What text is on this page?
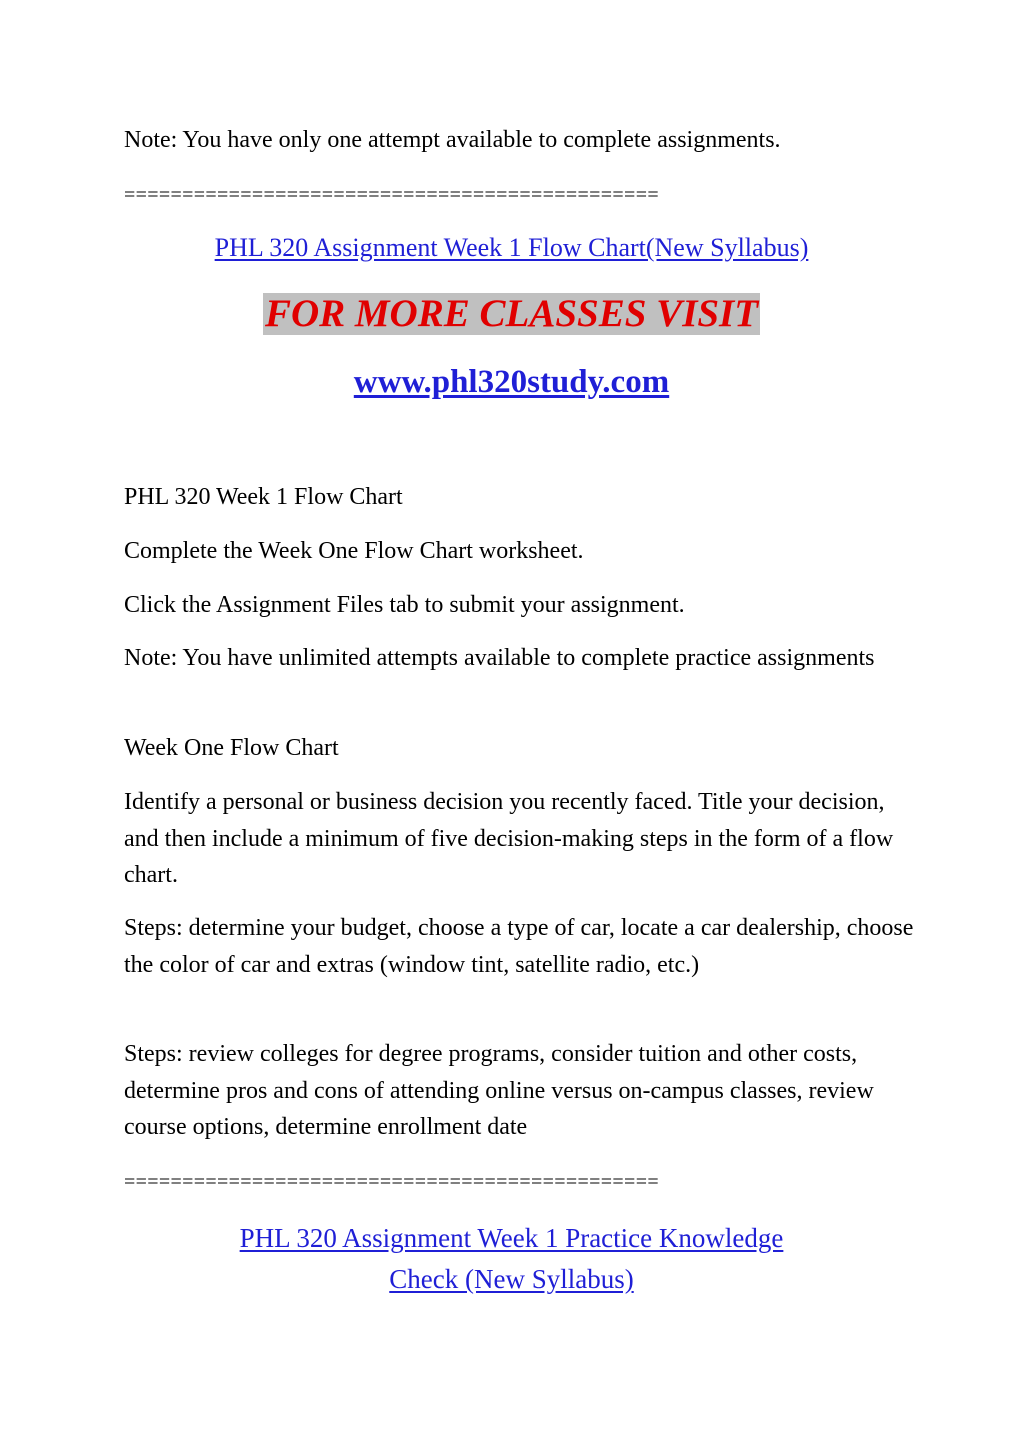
Note: You have only one attempt available to complete assignments.

==============================================

PHL 320 Assignment Week 1 Flow Chart(New Syllabus)

FOR MORE CLASSES VISIT

www.phl320study.com

PHL 320 Week 1 Flow Chart

Complete the Week One Flow Chart worksheet.

Click the Assignment Files tab to submit your assignment.

Note: You have unlimited attempts available to complete practice assignments

Week One Flow Chart

Identify a personal or business decision you recently faced. Title your decision, and then include a minimum of five decision-making steps in the form of a flow chart.

Steps: determine your budget, choose a type of car, locate a car dealership, choose the color of car and extras (window tint, satellite radio, etc.)

Steps: review colleges for degree programs, consider tuition and other costs, determine pros and cons of attending online versus on-campus classes, review course options, determine enrollment date

==============================================

PHL 320 Assignment Week 1 Practice Knowledge
Check (New Syllabus)
